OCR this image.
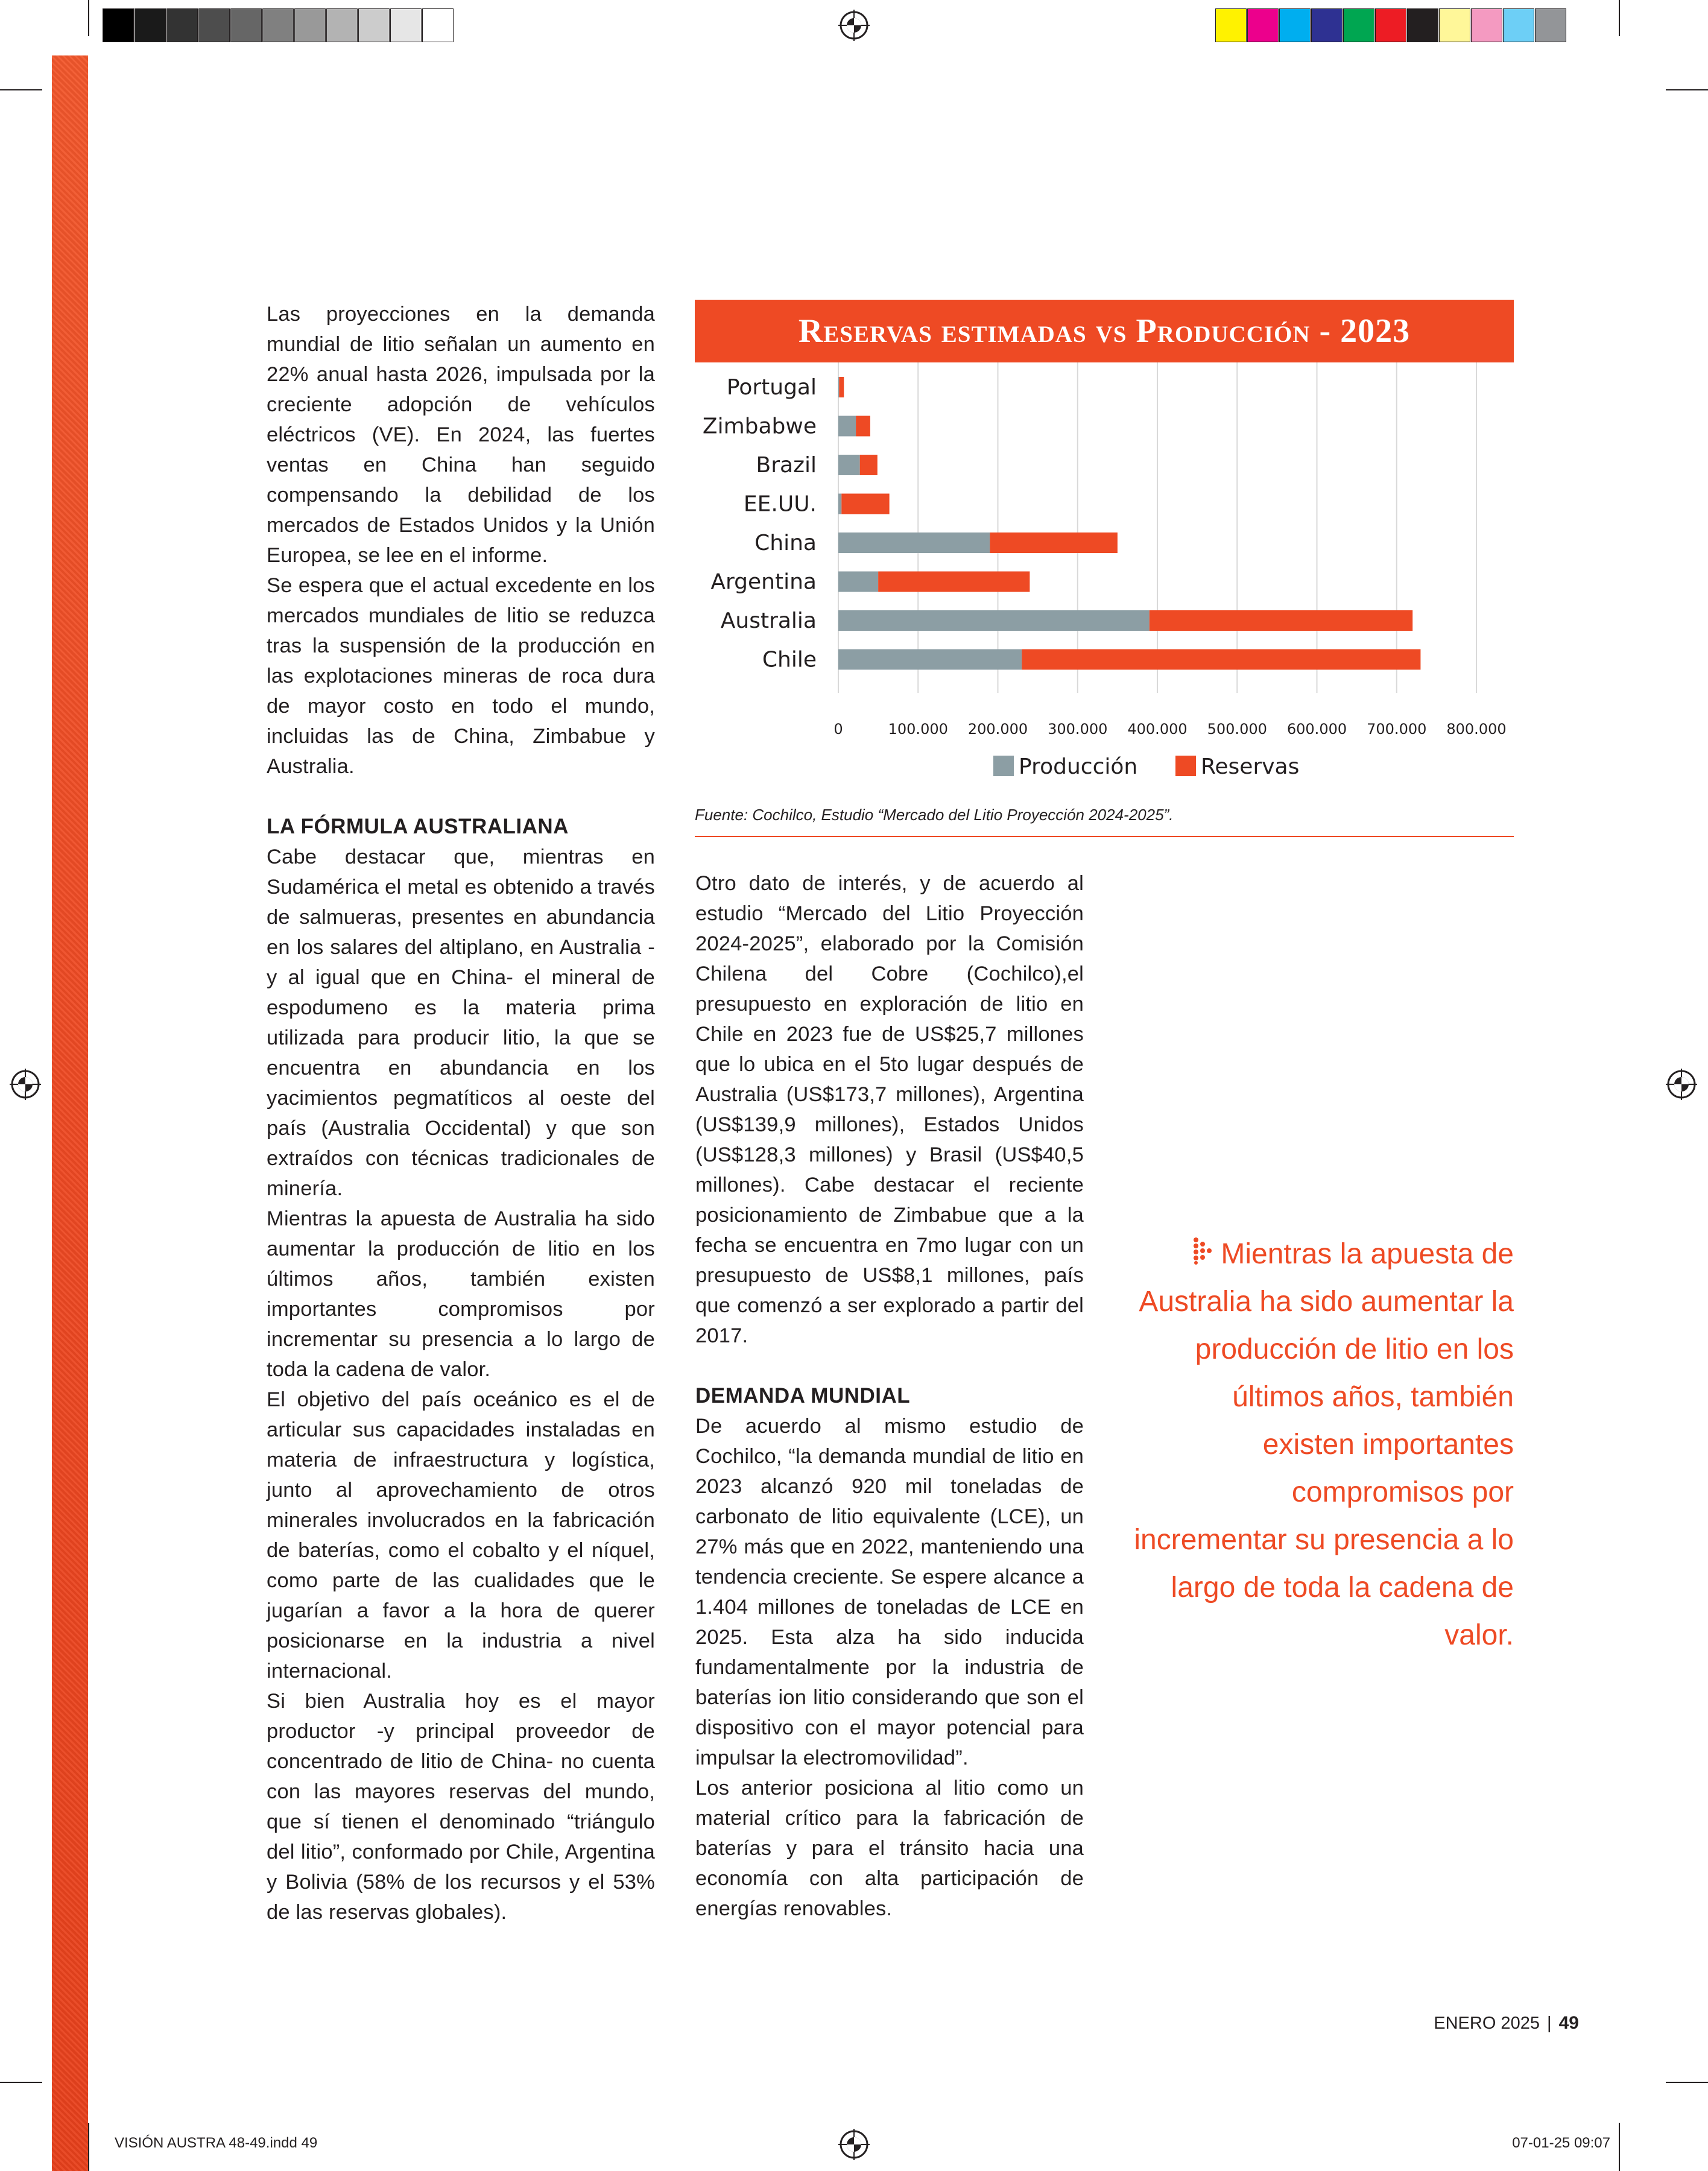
Las proyecciones en la demanda mundial de litio señalan un aumento en 22% anual hasta 2026, impulsada por la creciente adopción de vehículos eléctricos (VE). En 2024, las fuertes ventas en China han seguido compensando la debilidad de los mercados de Estados Unidos y la Unión Europea, se lee en el informe.

Se espera que el actual excedente en los mercados mundiales de litio se reduzca tras la suspensión de la producción en las explotaciones mineras de roca dura de mayor costo en todo el mundo, incluidas las de China, Zimbabue y Australia.

LA FÓRMULA AUSTRALIANA

Cabe destacar que, mientras en Sudamérica el metal es obtenido a través de salmueras, presentes en abundancia en los salares del altiplano, en Australia -y al igual que en China- el mineral de espodumeno es la materia prima utilizada para producir litio, la que se encuentra en abundancia en los yacimientos pegmatíticos al oeste del país (Australia Occidental) y que son extraídos con técnicas tradicionales de minería.

Mientras la apuesta de Australia ha sido aumentar la producción de litio en los últimos años, también existen importantes compromisos por incrementar su presencia a lo largo de toda la cadena de valor.

El objetivo del país oceánico es el de articular sus capacidades instaladas en materia de infraestructura y logística, junto al aprovechamiento de otros minerales involucrados en la fabricación de baterías, como el cobalto y el níquel, como parte de las cualidades que le jugarían a favor a la hora de querer posicionarse en la industria a nivel internacional.

Si bien Australia hoy es el mayor productor -y principal proveedor de concentrado de litio de China- no cuenta con las mayores reservas del mundo, que sí tienen el denominado “triángulo del litio”, conformado por Chile, Argentina y Bolivia (58% de los recursos y el 53% de las reservas globales).

Reservas estimadas vs Producción - 2023
0	100.000 200.000 300.000 400.000 500.000 600.000 700.000 800.000
Portugal
Zimbabwe
Brazil
EE.UU.
China
Argentina
Australia
Chile
Producción	Reservas
Fuente: Cochilco, Estudio “Mercado del Litio Proyección 2024-2025”.

Otro dato de interés, y de acuerdo al estudio “Mercado del Litio Proyección 2024-2025”, elaborado por la Comisión Chilena del Cobre (Cochilco),el presupuesto en exploración de litio en Chile en 2023 fue de US$25,7 millones que lo ubica en el 5to lugar después de Australia (US$173,7 millones), Argentina (US$139,9 millones), Estados Unidos (US$128,3 millones) y Brasil (US$40,5 millones). Cabe destacar el reciente posicionamiento de Zimbabue que a la fecha se encuentra en 7mo lugar con un presupuesto de US$8,1 millones, país que comenzó a ser explorado a partir del 2017.

DEMANDA MUNDIAL

De acuerdo al mismo estudio de Cochilco, “la demanda mundial de litio en 2023 alcanzó 920 mil toneladas de carbonato de litio equivalente (LCE), un 27% más que en 2022, manteniendo una tendencia creciente. Se espere alcance a 1.404 millones de toneladas de LCE en 2025. Esta alza ha sido inducida fundamentalmente por la industria de baterías ion litio considerando que son el dispositivo con el mayor potencial para impulsar la electromovilidad”.

Los anterior posiciona al litio como un material crítico para la fabricación de baterías y para el tránsito hacia una economía con alta participación de energías renovables.

Mientras la apuesta de Australia ha sido aumentar la producción de litio en los últimos años, también existen importantes compromisos por incrementar su presencia a lo largo de toda la cadena de valor.
ENERO 2025 | 49
VISIÓN AUSTRA 48-49.indd 49	07-01-25 09:07
